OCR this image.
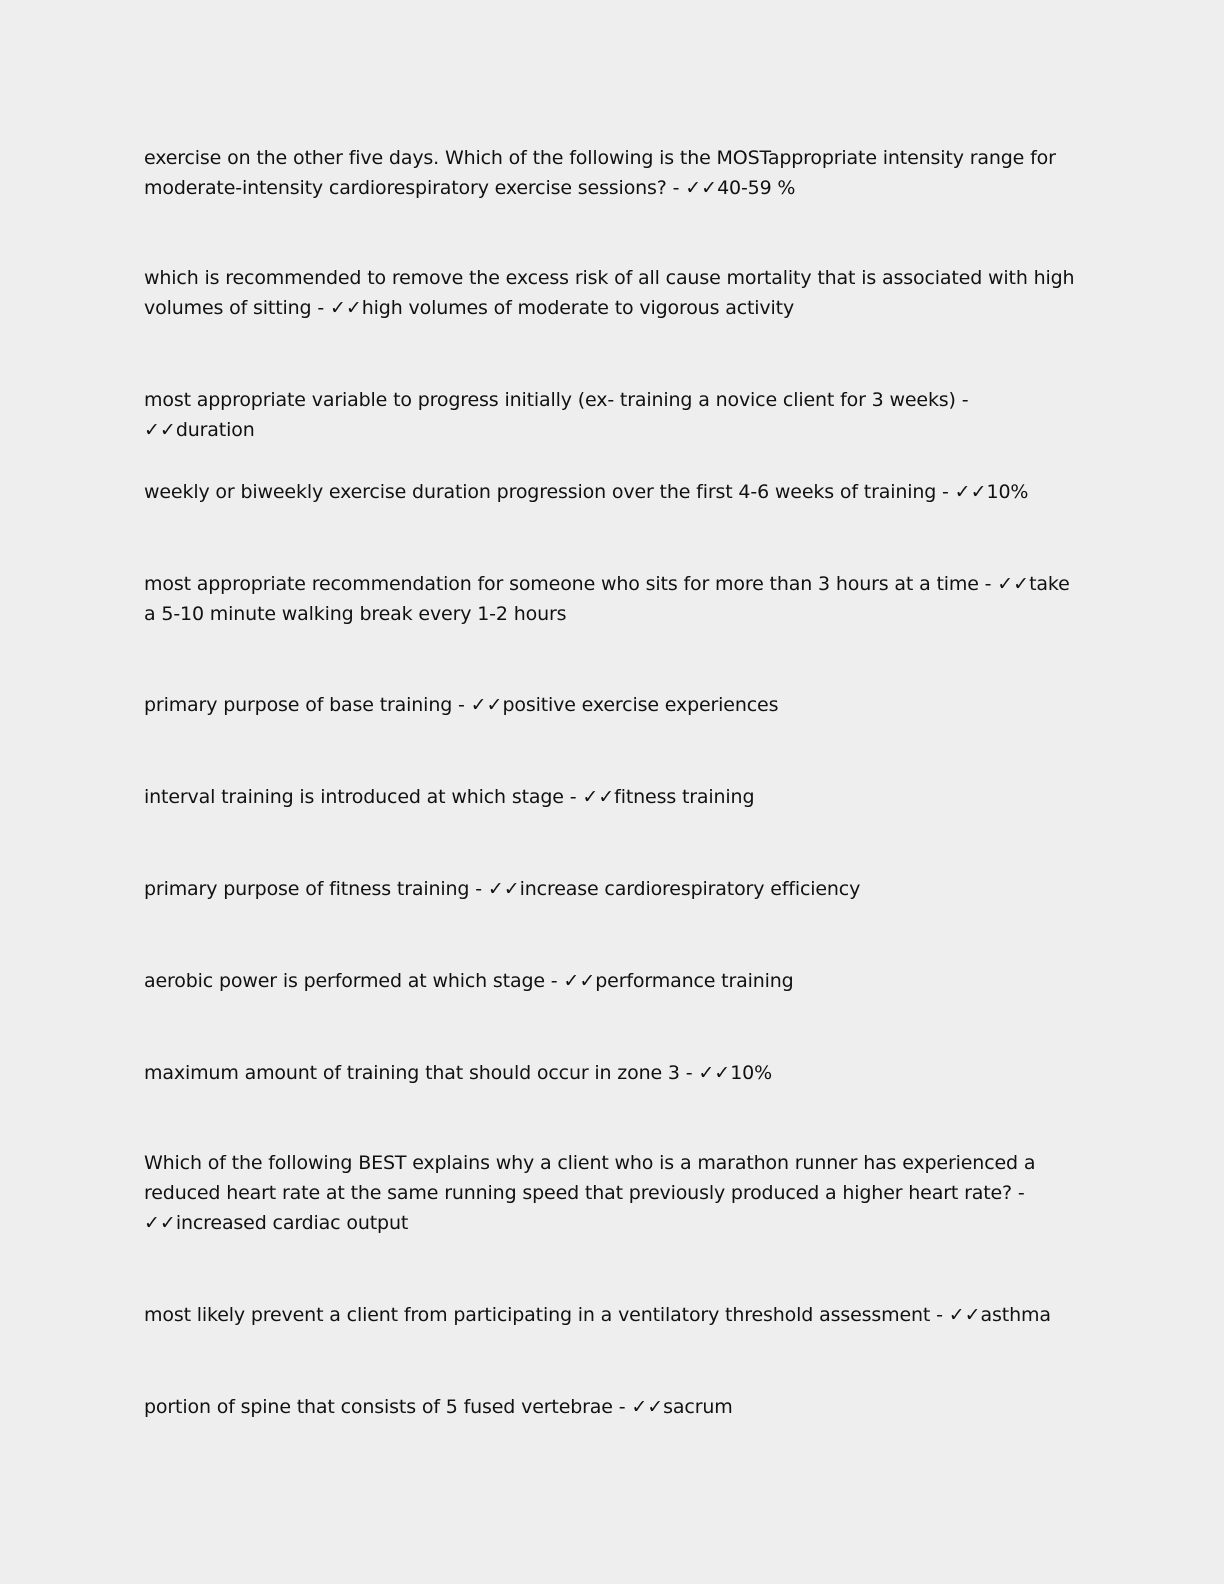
exercise on the other five days. Which of the following is the MOSTappropriate intensity range for moderate-intensity cardiorespiratory exercise sessions? - ✓✓40-59 %

which is recommended to remove the excess risk of all cause mortality that is associated with high volumes of sitting - ✓✓high volumes of moderate to vigorous activity

most appropriate variable to progress initially (ex- training a novice client for 3 weeks) - ✓✓duration

weekly or biweekly exercise duration progression over the first 4-6 weeks of training - ✓✓10%

most appropriate recommendation for someone who sits for more than 3 hours at a time - ✓✓take a 5-10 minute walking break every 1-2 hours

primary purpose of base training - ✓✓positive exercise experiences

interval training is introduced at which stage - ✓✓fitness training

primary purpose of fitness training - ✓✓increase cardiorespiratory efficiency

aerobic power is performed at which stage - ✓✓performance training

maximum amount of training that should occur in zone 3 - ✓✓10%

Which of the following BEST explains why a client who is a marathon runner has experienced a reduced heart rate at the same running speed that previously produced a higher heart rate? - ✓✓increased cardiac output

most likely prevent a client from participating in a ventilatory threshold assessment - ✓✓asthma

portion of spine that consists of 5 fused vertebrae - ✓✓sacrum
